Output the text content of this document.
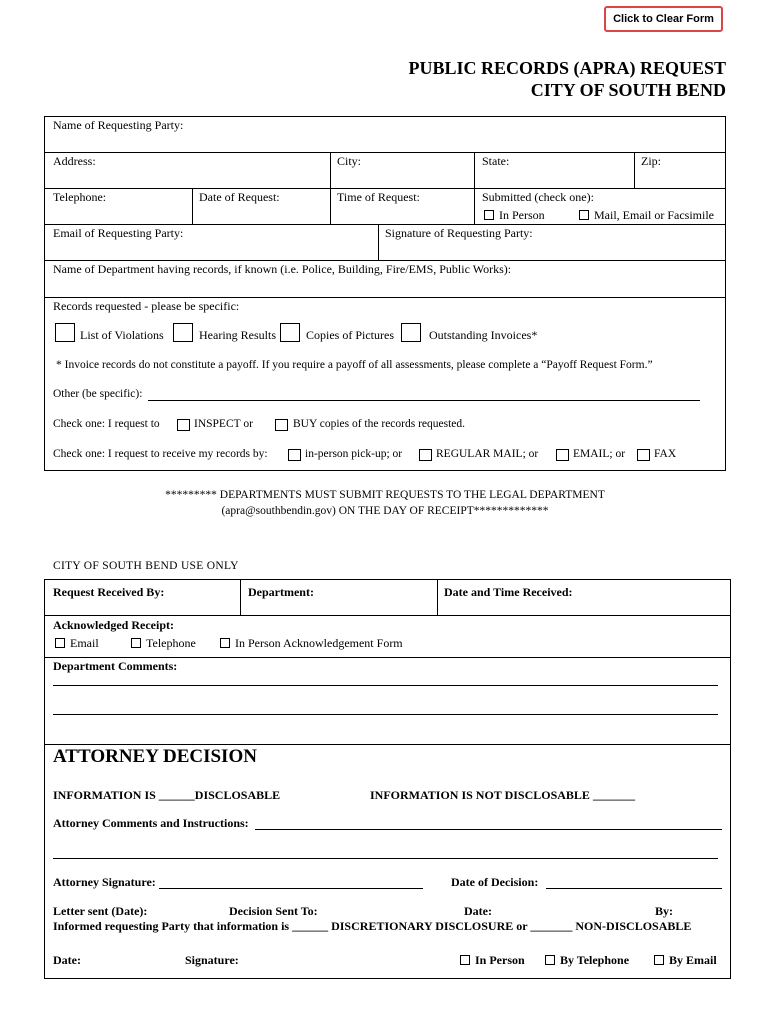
Click to Clear Form
PUBLIC RECORDS (APRA) REQUEST
CITY OF SOUTH BEND
Name of Requesting Party:
Address:	City:	State:	Zip:
Telephone:	Date of Request:	Time of Request:	Submitted (check one):
In Person	Mail, Email or Facsimile
Email of Requesting Party:	Signature of Requesting Party:
Name of Department having records, if known (i.e. Police, Building, Fire/EMS, Public Works):
Records requested - please be specific:
List of Violations	Hearing Results	Copies of Pictures	Outstanding Invoices*
* Invoice records do not constitute a payoff. If you require a payoff of all assessments, please complete a “Payoff Request Form.”
Other (be specific):
Check one: I request to	INSPECT or	BUY copies of the records requested.
Check one: I request to receive my records by:	in-person pick-up; or	REGULAR MAIL; or	EMAIL; or	FAX
********* DEPARTMENTS MUST SUBMIT REQUESTS TO THE LEGAL DEPARTMENT
(apra@southbendin.gov) ON THE DAY OF RECEIPT*************
CITY OF SOUTH BEND USE ONLY
Request Received By:	Department:	Date and Time Received:
Acknowledged Receipt:
Email	Telephone	In Person Acknowledgement Form
Department Comments:
ATTORNEY DECISION
INFORMATION IS ______DISCLOSABLE	INFORMATION IS NOT DISCLOSABLE _______
Attorney Comments and Instructions:
Attorney Signature:	Date of Decision:
Letter sent (Date):	Decision Sent To:	Date:	By:
Informed requesting Party that information is ______ DISCRETIONARY DISCLOSURE or _______ NON-DISCLOSABLE
Date:	Signature:	In Person	By Telephone	By Email
